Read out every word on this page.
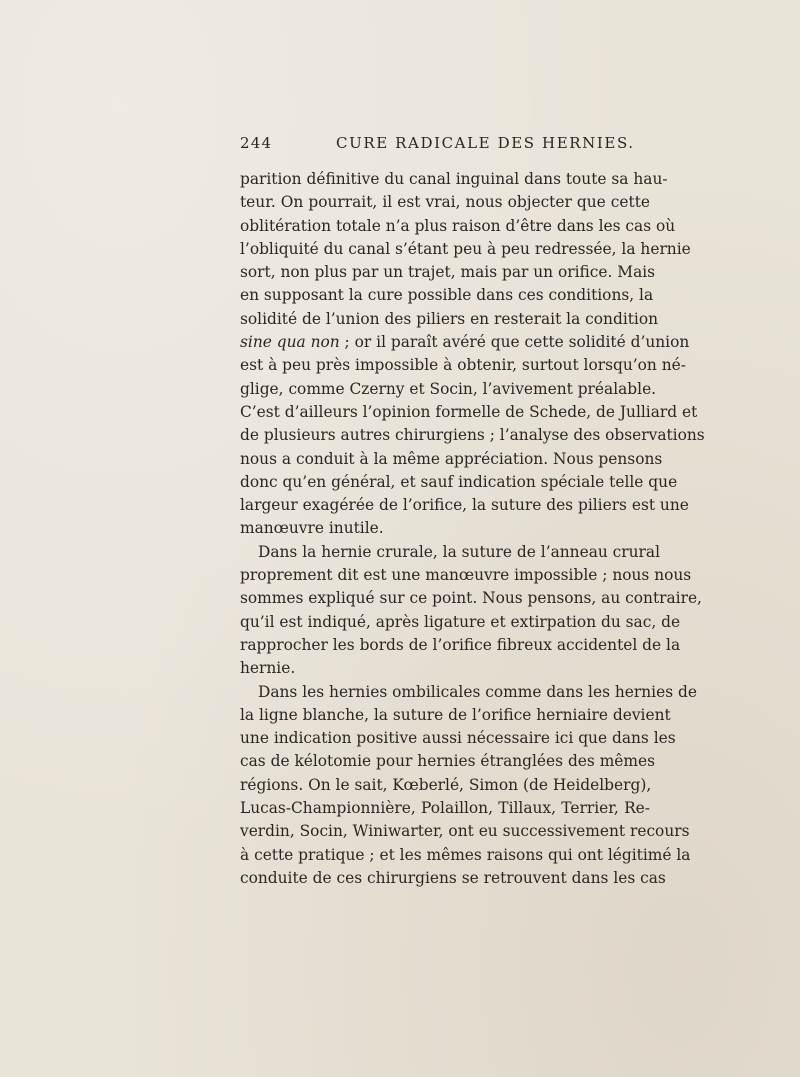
244	CURE RADICALE DES HERNIES.

parition définitive du canal inguinal dans toute sa hau-
teur. On pourrait, il est vrai, nous objecter que cette
oblitération totale n’a plus raison d’être dans les cas où
l’obliquité du canal s’étant peu à peu redressée, la hernie
sort, non plus par un trajet, mais par un orifice. Mais
en supposant la cure possible dans ces conditions, la
solidité de l’union des piliers en resterait la condition
sine qua non ; or il paraît avéré que cette solidité d’union
est à peu près impossible à obtenir, surtout lorsqu’on né-
glige, comme Czerny et Socin, l’avivement préalable.
C’est d’ailleurs l’opinion formelle de Schede, de Julliard et
de plusieurs autres chirurgiens ; l’analyse des observations
nous a conduit à la même appréciation. Nous pensons
donc qu’en général, et sauf indication spéciale telle que
largeur exagérée de l’orifice, la suture des piliers est une
manœuvre inutile.

Dans la hernie crurale, la suture de l’anneau crural
proprement dit est une manœuvre impossible ; nous nous
sommes expliqué sur ce point. Nous pensons, au contraire,
qu’il est indiqué, après ligature et extirpation du sac, de
rapprocher les bords de l’orifice fibreux accidentel de la
hernie.

Dans les hernies ombilicales comme dans les hernies de
la ligne blanche, la suture de l’orifice herniaire devient
une indication positive aussi nécessaire ici que dans les
cas de kélotomie pour hernies étranglées des mêmes
régions. On le sait, Kœberlé, Simon (de Heidelberg),
Lucas-Championnière, Polaillon, Tillaux, Terrier, Re-
verdin, Socin, Winiwarter, ont eu successivement recours
à cette pratique ; et les mêmes raisons qui ont légitimé la
conduite de ces chirurgiens se retrouvent dans les cas
